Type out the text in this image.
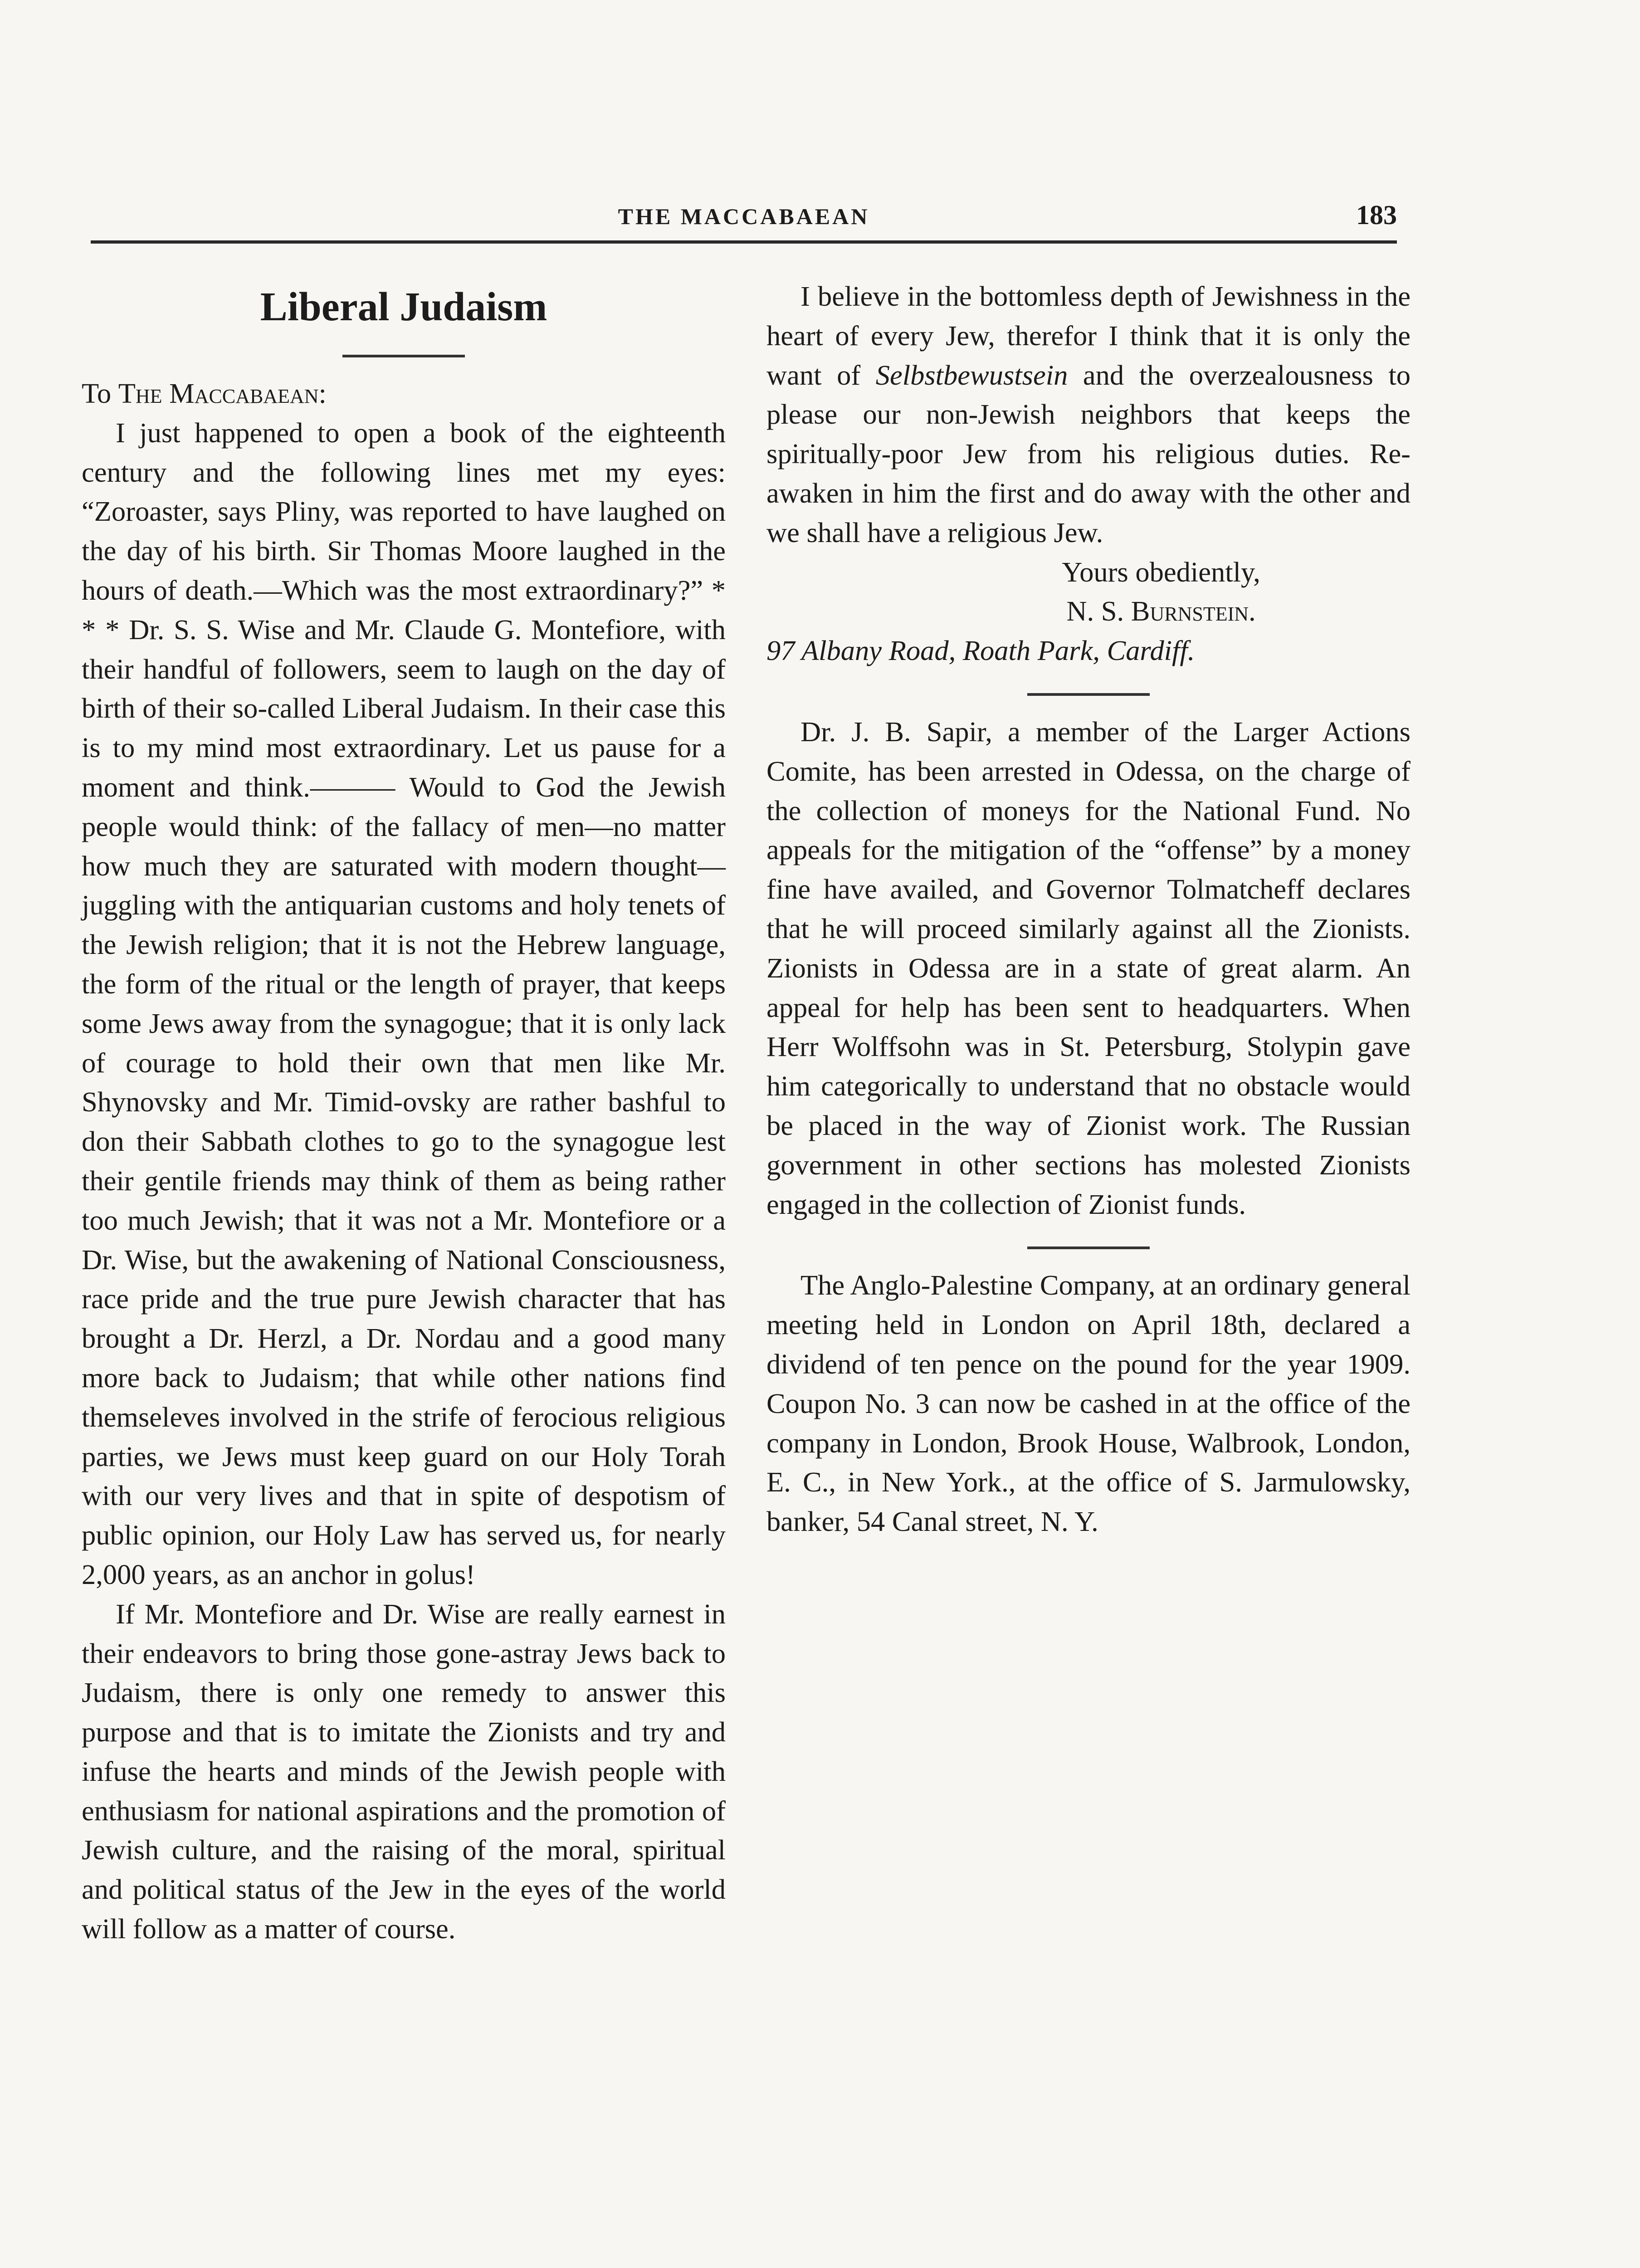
THE MACCABAEAN	183
Liberal Judaism

To The Maccabaean:

I just happened to open a book of the eighteenth century and the following lines met my eyes: “Zoroaster, says Pliny, was reported to have laughed on the day of his birth. Sir Thomas Moore laughed in the hours of death.—Which was the most extraordinary?” * * * Dr. S. S. Wise and Mr. Claude G. Montefiore, with their handful of followers, seem to laugh on the day of birth of their so-called Liberal Judaism. In their case this is to my mind most extraordinary. Let us pause for a moment and think.——— Would to God the Jewish people would think: of the fallacy of men—no matter how much they are saturated with modern thought—juggling with the antiquarian customs and holy tenets of the Jewish religion; that it is not the Hebrew language, the form of the ritual or the length of prayer, that keeps some Jews away from the synagogue; that it is only lack of courage to hold their own that men like Mr. Shynovsky and Mr. Timid-ovsky are rather bashful to don their Sabbath clothes to go to the synagogue lest their gentile friends may think of them as being rather too much Jewish; that it was not a Mr. Montefiore or a Dr. Wise, but the awakening of National Consciousness, race pride and the true pure Jewish character that has brought a Dr. Herzl, a Dr. Nordau and a good many more back to Judaism; that while other nations find themseleves involved in the strife of ferocious religious parties, we Jews must keep guard on our Holy Torah with our very lives and that in spite of despotism of public opinion, our Holy Law has served us, for nearly 2,000 years, as an anchor in golus!

If Mr. Montefiore and Dr. Wise are really earnest in their endeavors to bring those gone-astray Jews back to Judaism, there is only one remedy to answer this purpose and that is to imitate the Zionists and try and infuse the hearts and minds of the Jewish people with enthusiasm for national aspirations and the promotion of Jewish culture, and the raising of the moral, spiritual and political status of the Jew in the eyes of the world will follow as a matter of course.

I believe in the bottomless depth of Jewishness in the heart of every Jew, therefor I think that it is only the want of Selbstbewustsein and the overzealousness to please our non-Jewish neighbors that keeps the spiritually-poor Jew from his religious duties. Re-awaken in him the first and do away with the other and we shall have a religious Jew.

Yours obediently,

N. S. Burnstein.

97 Albany Road, Roath Park, Cardiff.

Dr. J. B. Sapir, a member of the Larger Actions Comite, has been arrested in Odessa, on the charge of the collection of moneys for the National Fund. No appeals for the mitigation of the “offense” by a money fine have availed, and Governor Tolmatcheff declares that he will proceed similarly against all the Zionists. Zionists in Odessa are in a state of great alarm. An appeal for help has been sent to headquarters. When Herr Wolffsohn was in St. Petersburg, Stolypin gave him categorically to understand that no obstacle would be placed in the way of Zionist work. The Russian government in other sections has molested Zionists engaged in the collection of Zionist funds.

The Anglo-Palestine Company, at an ordinary general meeting held in London on April 18th, declared a dividend of ten pence on the pound for the year 1909. Coupon No. 3 can now be cashed in at the office of the company in London, Brook House, Walbrook, London, E. C., in New York., at the office of S. Jarmulowsky, banker, 54 Canal street, N. Y.
